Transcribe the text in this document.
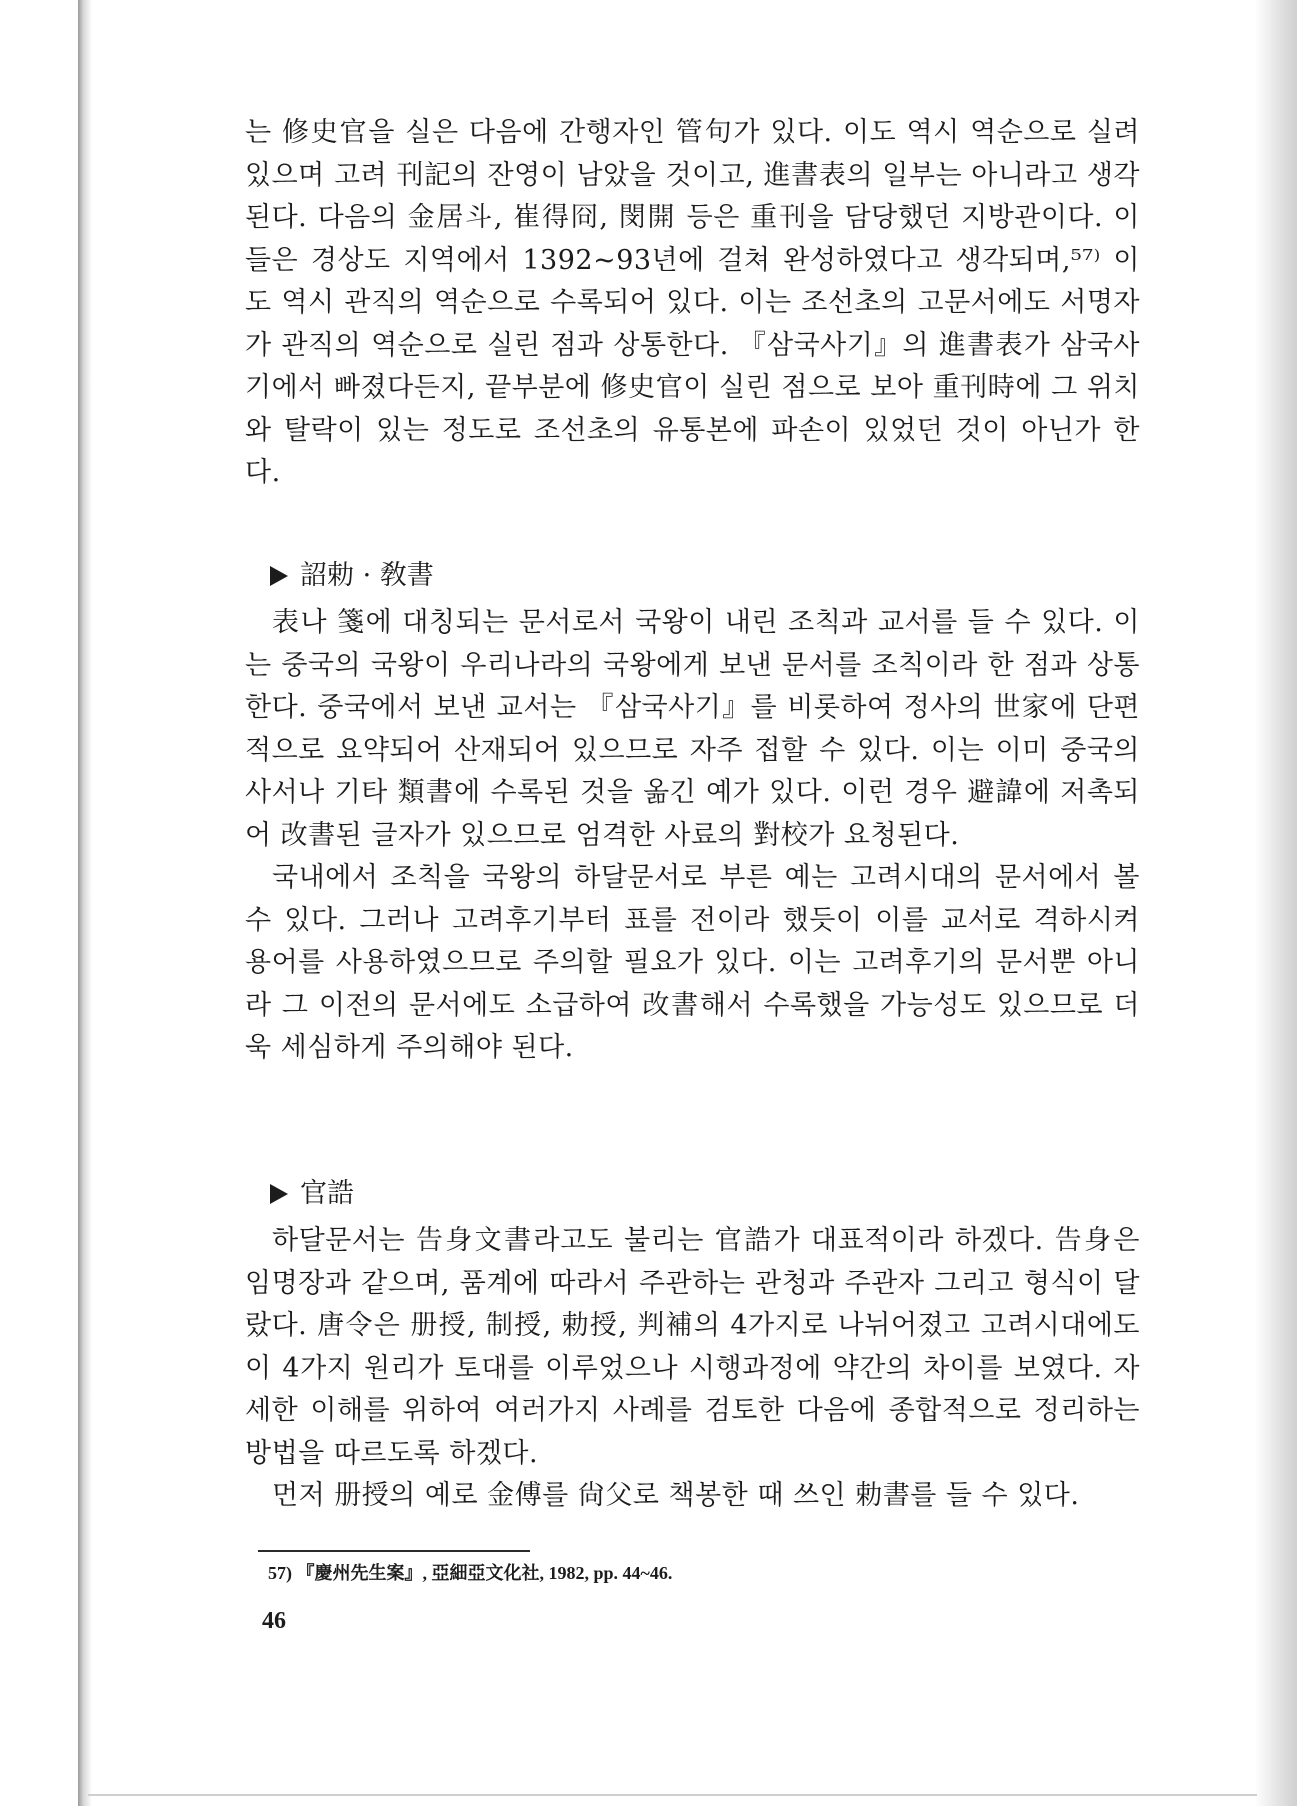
는 修史官을 실은 다음에 간행자인 管句가 있다. 이도 역시 역순으로 실려 있으며 고려 刊記의 잔영이 남았을 것이고, 進書表의 일부는 아니라고 생각된다. 다음의 金居斗, 崔得冏, 閔開 등은 重刊을 담당했던 지방관이다. 이들은 경상도 지역에서 1392~93년에 걸쳐 완성하였다고 생각되며,⁵⁷⁾ 이도 역시 관직의 역순으로 수록되어 있다. 이는 조선초의 고문서에도 서명자가 관직의 역순으로 실린 점과 상통한다. 『삼국사기』의 進書表가 삼국사기에서 빠졌다든지, 끝부분에 修史官이 실린 점으로 보아 重刊時에 그 위치와 탈락이 있는 정도로 조선초의 유통본에 파손이 있었던 것이 아닌가 한다.

詔勅 · 敎書

表나 箋에 대칭되는 문서로서 국왕이 내린 조칙과 교서를 들 수 있다. 이는 중국의 국왕이 우리나라의 국왕에게 보낸 문서를 조칙이라 한 점과 상통한다. 중국에서 보낸 교서는 『삼국사기』를 비롯하여 정사의 世家에 단편적으로 요약되어 산재되어 있으므로 자주 접할 수 있다. 이는 이미 중국의 사서나 기타 類書에 수록된 것을 옮긴 예가 있다. 이런 경우 避諱에 저촉되어 改書된 글자가 있으므로 엄격한 사료의 對校가 요청된다.

국내에서 조칙을 국왕의 하달문서로 부른 예는 고려시대의 문서에서 볼 수 있다. 그러나 고려후기부터 표를 전이라 했듯이 이를 교서로 격하시켜 용어를 사용하였으므로 주의할 필요가 있다. 이는 고려후기의 문서뿐 아니라 그 이전의 문서에도 소급하여 改書해서 수록했을 가능성도 있으므로 더욱 세심하게 주의해야 된다.

官誥

하달문서는 告身文書라고도 불리는 官誥가 대표적이라 하겠다. 告身은 임명장과 같으며, 품계에 따라서 주관하는 관청과 주관자 그리고 형식이 달랐다. 唐令은 册授, 制授, 勅授, 判補의 4가지로 나뉘어졌고 고려시대에도 이 4가지 원리가 토대를 이루었으나 시행과정에 약간의 차이를 보였다. 자세한 이해를 위하여 여러가지 사례를 검토한 다음에 종합적으로 정리하는 방법을 따르도록 하겠다.

먼저 册授의 예로 金傅를 尙父로 책봉한 때 쓰인 勅書를 들 수 있다.

57) 『慶州先生案』, 亞細亞文化社, 1982, pp. 44~46.
46
